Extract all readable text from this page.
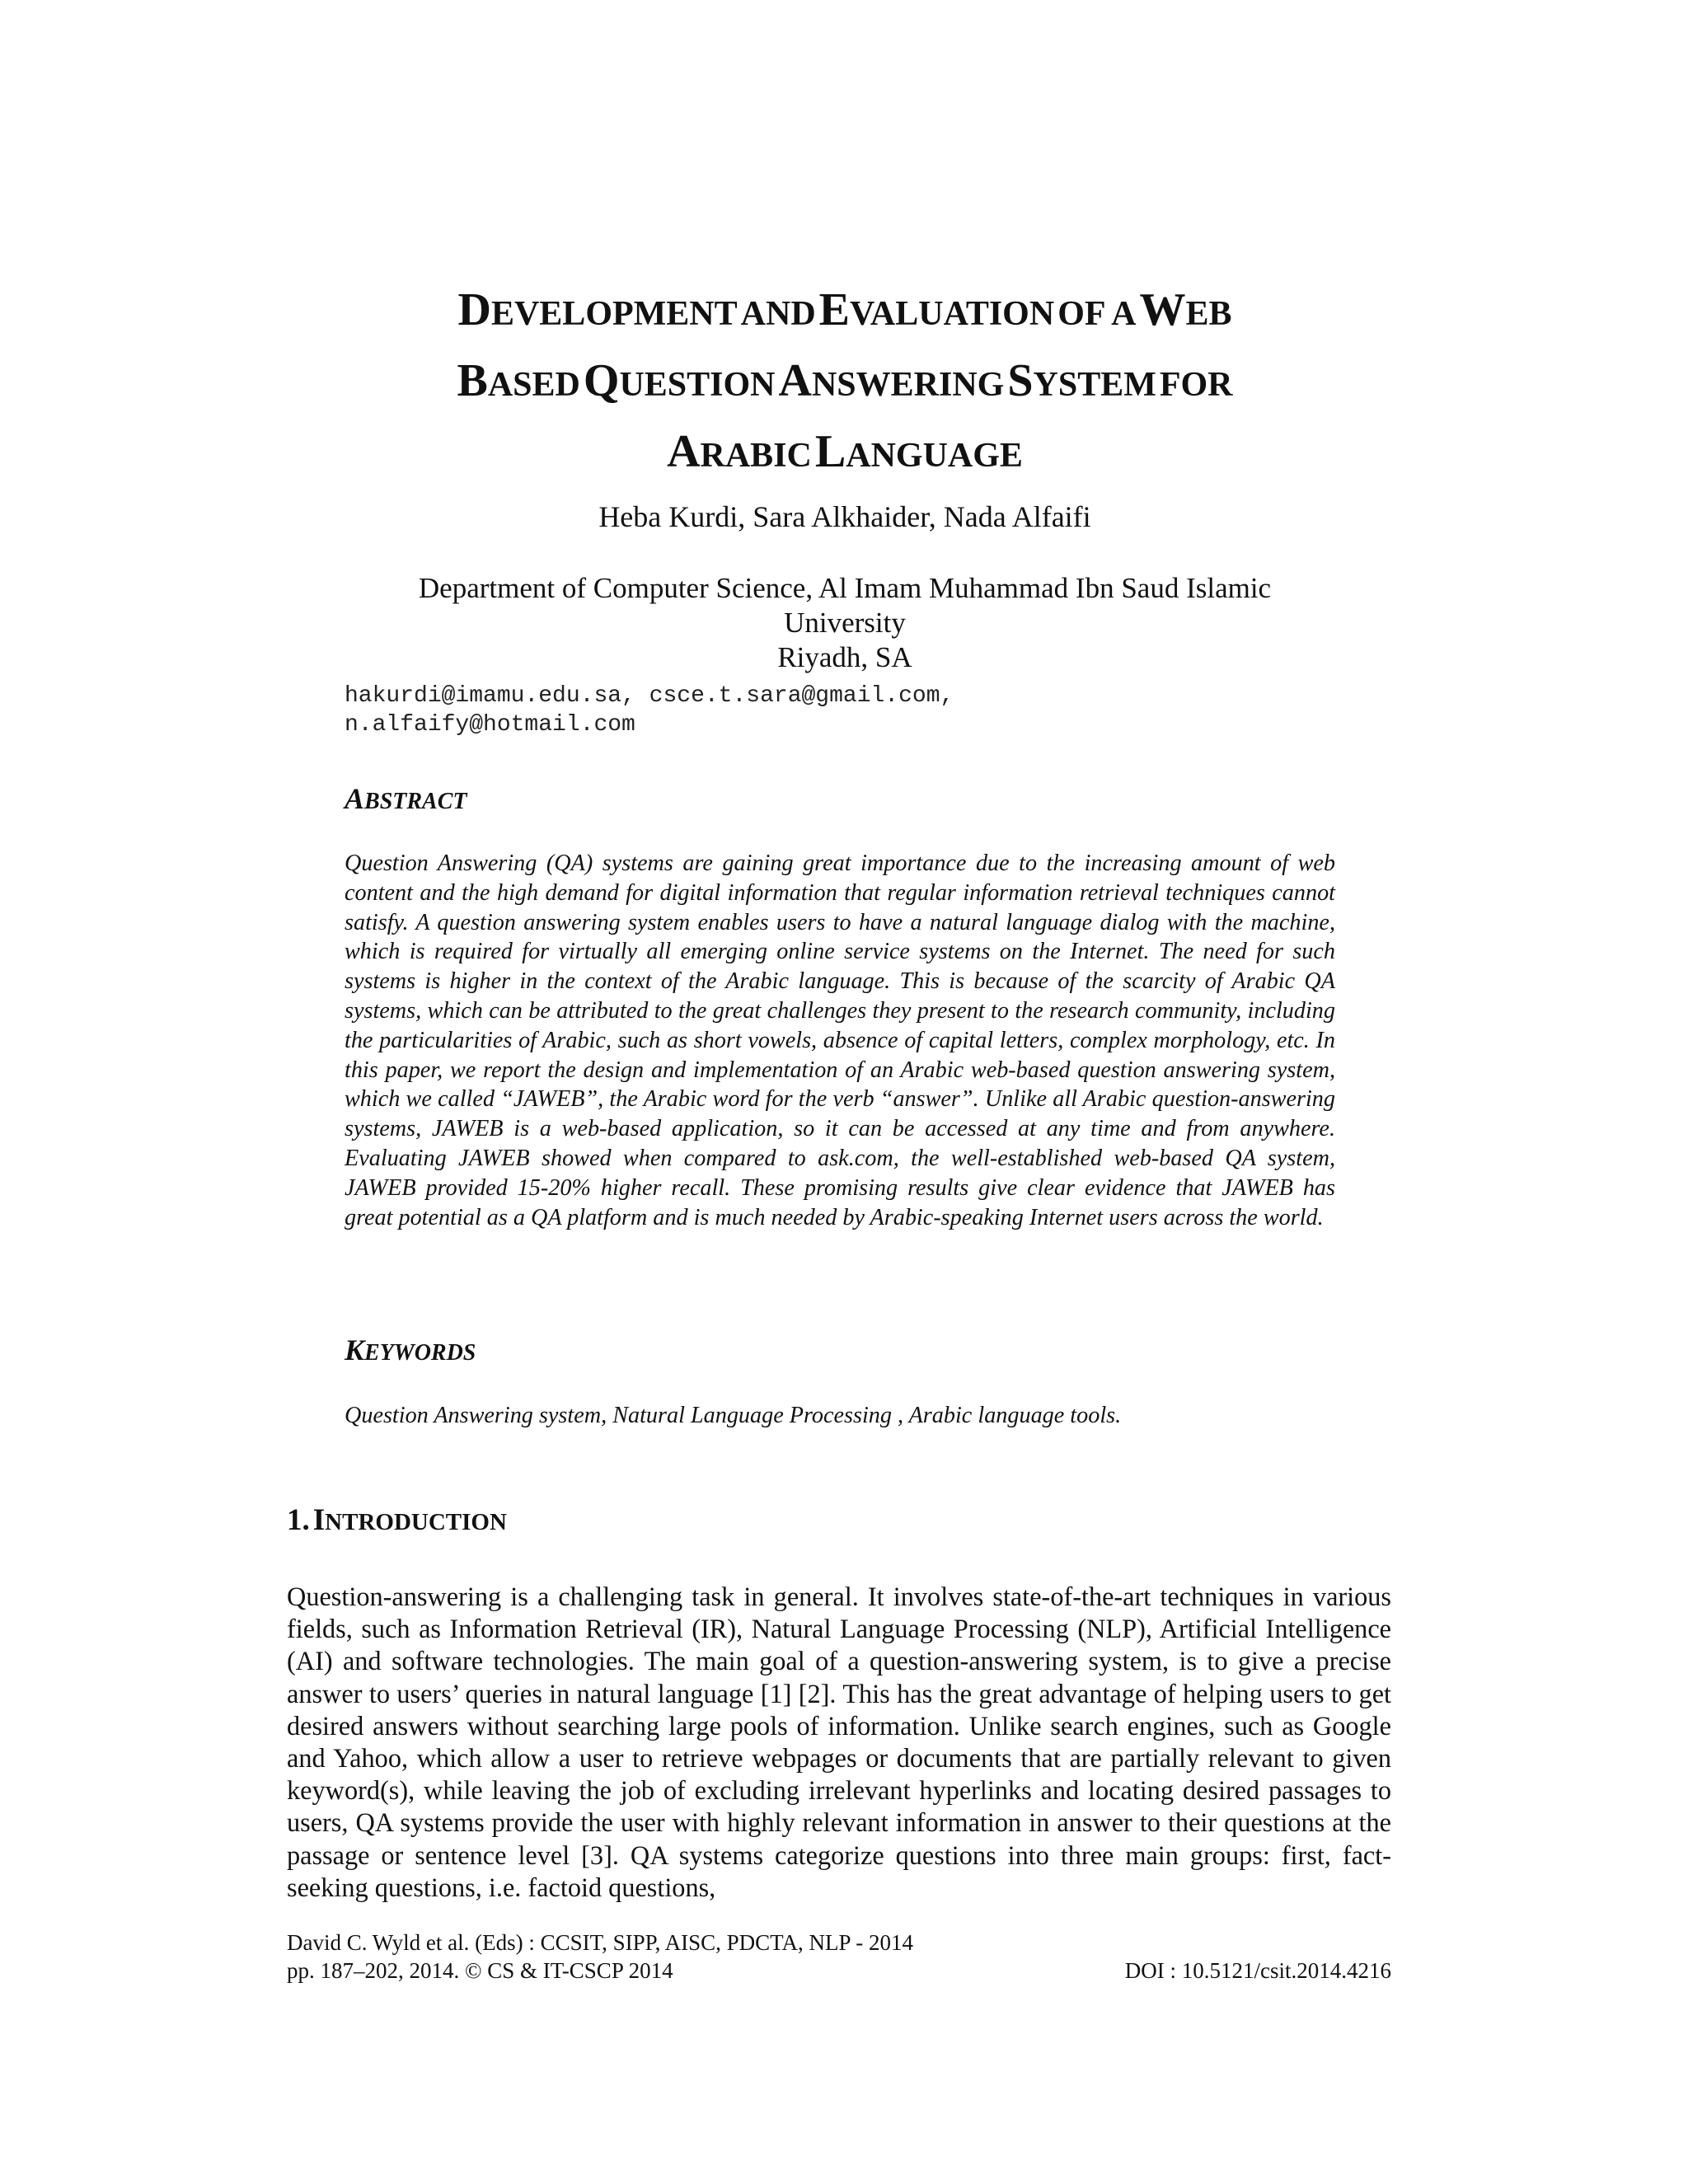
DEVELOPMENT AND EVALUATION OF A WEB
BASED QUESTION ANSWERING SYSTEM FOR
ARABIC LANGUAGE
Heba Kurdi, Sara Alkhaider, Nada Alfaifi
Department of Computer Science, Al Imam Muhammad Ibn Saud Islamic
University
Riyadh, SA
hakurdi@imamu.edu.sa, csce.t.sara@gmail.com,
n.alfaify@hotmail.com
ABSTRACT
Question Answering (QA) systems are gaining great importance due to the increasing amount of web content and the high demand for digital information that regular information retrieval techniques cannot satisfy. A question answering system enables users to have a natural language dialog with the machine, which is required for virtually all emerging online service systems on the Internet. The need for such systems is higher in the context of the Arabic language. This is because of the scarcity of Arabic QA systems, which can be attributed to the great challenges they present to the research community, including the particularities of Arabic, such as short vowels, absence of capital letters, complex morphology, etc. In this paper, we report the design and implementation of an Arabic web-based question answering system, which we called “JAWEB”, the Arabic word for the verb “answer”. Unlike all Arabic question-answering systems, JAWEB is a web-based application, so it can be accessed at any time and from anywhere. Evaluating JAWEB showed when compared to ask.com, the well-established web-based QA system, JAWEB provided 15-20% higher recall. These promising results give clear evidence that JAWEB has great potential as a QA platform and is much needed by Arabic-speaking Internet users across the world.
KEYWORDS
Question Answering system, Natural Language Processing , Arabic language tools.
1. INTRODUCTION
Question-answering is a challenging task in general. It involves state-of-the-art techniques in various fields, such as Information Retrieval (IR), Natural Language Processing (NLP), Artificial Intelligence (AI) and software technologies. The main goal of a question-answering system, is to give a precise answer to users’ queries in natural language [1] [2]. This has the great advantage of helping users to get desired answers without searching large pools of information. Unlike search engines, such as Google and Yahoo, which allow a user to retrieve webpages or documents that are partially relevant to given keyword(s), while leaving the job of excluding irrelevant hyperlinks and locating desired passages to users, QA systems provide the user with highly relevant information in answer to their questions at the passage or sentence level [3]. QA systems categorize questions into three main groups: first, fact-seeking questions, i.e. factoid questions,
David C. Wyld et al. (Eds) : CCSIT, SIPP, AISC, PDCTA, NLP - 2014
pp. 187–202, 2014. © CS & IT-CSCP 2014	DOI : 10.5121/csit.2014.4216
